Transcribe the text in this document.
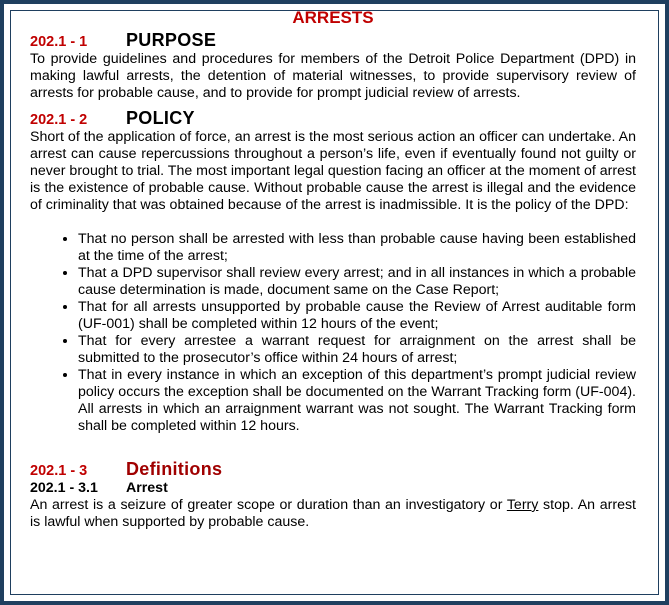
ARRESTS
202.1 - 1 PURPOSE

To provide guidelines and procedures for members of the Detroit Police Department (DPD) in making lawful arrests, the detention of material witnesses, to provide supervisory review of arrests for probable cause, and to provide for prompt judicial review of arrests.

202.1 - 2 POLICY

Short of the application of force, an arrest is the most serious action an officer can undertake. An arrest can cause repercussions throughout a person’s life, even if eventually found not guilty or never brought to trial. The most important legal question facing an officer at the moment of arrest is the existence of probable cause. Without probable cause the arrest is illegal and the evidence of criminality that was obtained because of the arrest is inadmissible. It is the policy of the DPD:

• That no person shall be arrested with less than probable cause having been established at the time of the arrest;
• That a DPD supervisor shall review every arrest; and in all instances in which a probable cause determination is made, document same on the Case Report;
• That for all arrests unsupported by probable cause the Review of Arrest auditable form (UF-001) shall be completed within 12 hours of the event;
• That for every arrestee a warrant request for arraignment on the arrest shall be submitted to the prosecutor’s office within 24 hours of arrest;
• That in every instance in which an exception of this department’s prompt judicial review policy occurs the exception shall be documented on the Warrant Tracking form (UF-004). All arrests in which an arraignment warrant was not sought. The Warrant Tracking form shall be completed within 12 hours.
202.1 - 3 Definitions
202.1 - 3.1 Arrest

An arrest is a seizure of greater scope or duration than an investigatory or Terry stop. An arrest is lawful when supported by probable cause.
